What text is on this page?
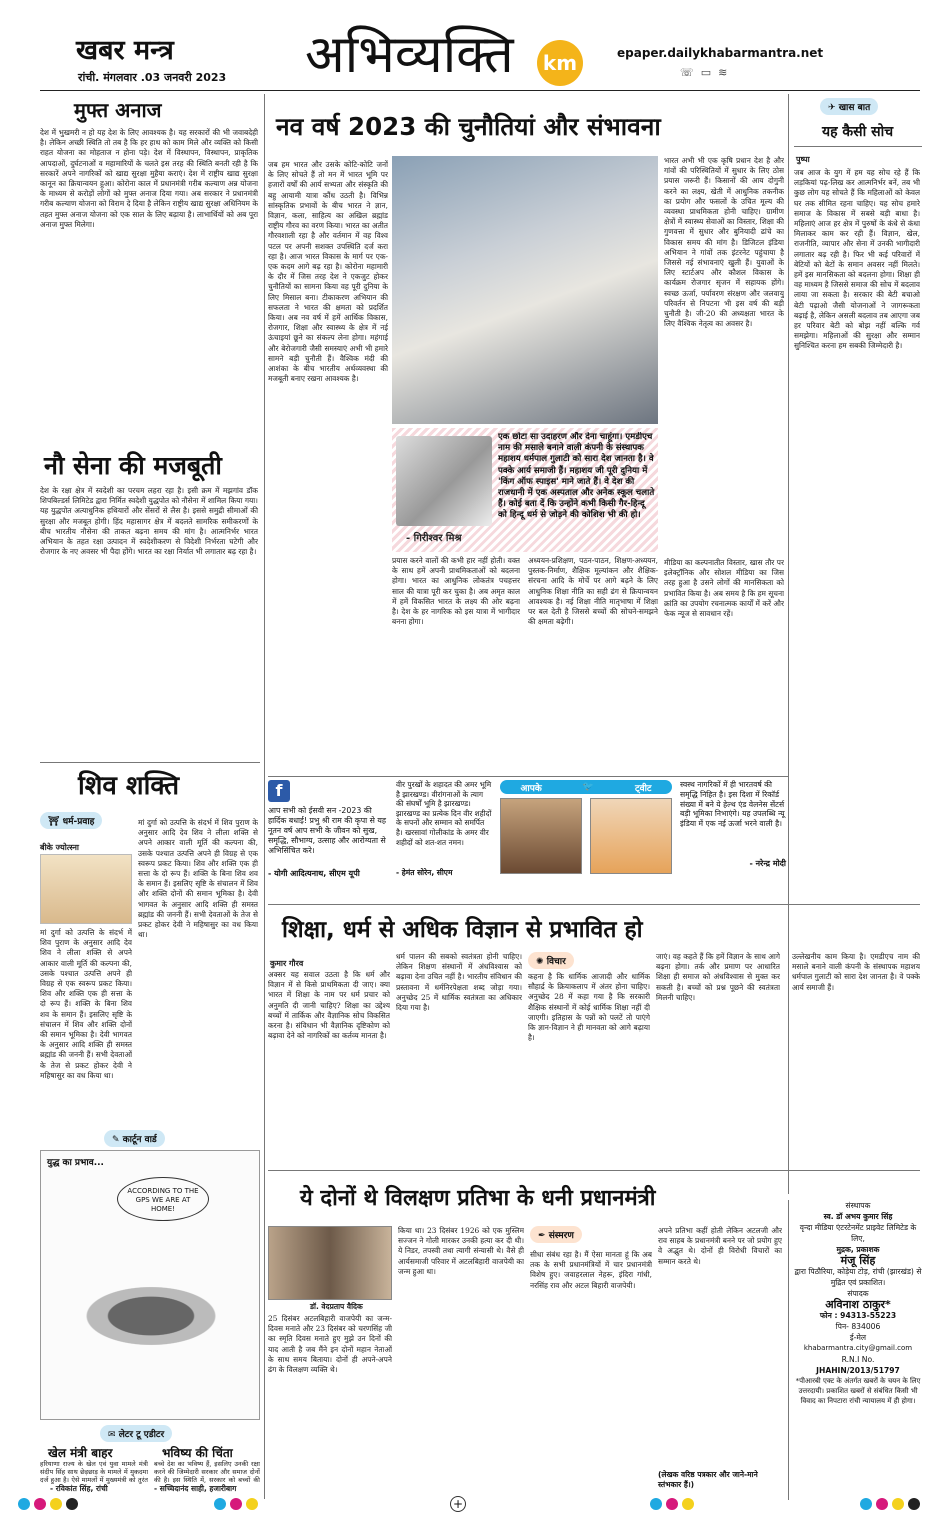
खबर मन्त्र
रांची. मंगलवार .03 जनवरी 2023 अभिव्यक्ति km	epaper.dailykhabarmantra.net
☏ ▭ ≋
मुफ्त अनाज
देश में भुखमरी न हो यह देश के लिए आवश्यक है। यह सरकारों की भी जवाबदेही है। लेकिन अच्छी स्थिति तो तब है कि हर हाथ को काम मिले और व्यक्ति को किसी राहत योजना का मोहताज न होना पड़े। देश में विस्थापन, विस्थापन, प्राकृतिक आपदाओं, दुर्घटनाओं व महामारियों के चलते इस तरह की स्थिति बनती रही है कि सरकारें अपने नागरिकों को खाद्य सुरक्षा मुहैया कराएं। देश में राष्ट्रीय खाद्य सुरक्षा कानून का क्रियान्वयन हुआ। कोरोना काल में प्रधानमंत्री गरीब कल्याण अन्न योजना के माध्यम से करोड़ों लोगों को मुफ्त अनाज दिया गया। अब सरकार ने प्रधानमंत्री गरीब कल्याण योजना को विराम दे दिया है लेकिन राष्ट्रीय खाद्य सुरक्षा अधिनियम के तहत मुफ्त अनाज योजना को एक साल के लिए बढ़ाया है। लाभार्थियों को अब पूरा अनाज मुफ्त मिलेगा।
नौ सेना की मजबूती
देश के रक्षा क्षेत्र में स्वदेशी का परचम लहरा रहा है। इसी क्रम में मझगांव डॉक शिपबिल्डर्स लिमिटेड द्वारा निर्मित स्वदेशी युद्धपोत को नौसेना में शामिल किया गया। यह युद्धपोत अत्याधुनिक हथियारों और सेंसरों से लैस है। इससे समुद्री सीमाओं की सुरक्षा और मजबूत होगी। हिंद महासागर क्षेत्र में बदलते सामरिक समीकरणों के बीच भारतीय नौसेना की ताकत बढ़ना समय की मांग है। आत्मनिर्भर भारत अभियान के तहत रक्षा उत्पादन में स्वदेशीकरण से विदेशी निर्भरता घटेगी और रोजगार के नए अवसर भी पैदा होंगे। भारत का रक्षा निर्यात भी लगातार बढ़ रहा है।
शिव शक्ति
⛩ धर्म-प्रवाह
बीके ज्योत्स्ना
मां दुर्गा को उत्पत्ति के संदर्भ में शिव पुराण के अनुसार आदि देव शिव ने लीला शक्ति से अपने आकार वाली मूर्ति की कल्पना की, उसके पश्चात उत्पत्ति अपने ही विग्रह से एक स्वरूप प्रकट किया। शिव और शक्ति एक ही सत्ता के दो रूप हैं। शक्ति के बिना शिव शव के समान हैं। इसलिए सृष्टि के संचालन में शिव और शक्ति दोनों की समान भूमिका है। देवी भागवत के अनुसार आदि शक्ति ही समस्त ब्रह्मांड की जननी हैं। सभी देवताओं के तेज से प्रकट होकर देवी ने महिषासुर का वध किया था।
मां दुर्गा को उत्पत्ति के संदर्भ में शिव पुराण के अनुसार आदि देव शिव ने लीला शक्ति से अपने आकार वाली मूर्ति की कल्पना की, उसके पश्चात उत्पत्ति अपने ही विग्रह से एक स्वरूप प्रकट किया। शिव और शक्ति एक ही सत्ता के दो रूप हैं। शक्ति के बिना शिव शव के समान हैं। इसलिए सृष्टि के संचालन में शिव और शक्ति दोनों की समान भूमिका है। देवी भागवत के अनुसार आदि शक्ति ही समस्त ब्रह्मांड की जननी हैं। सभी देवताओं के तेज से प्रकट होकर देवी ने महिषासुर का वध किया था।
✎ कार्टून वार्ड
युद्ध का प्रभाव...
ACCORDING TO THE GPS WE ARE AT HOME!
✉ लेटर टू एडीटर
खेल मंत्री बाहर
हरियाणा राज्य के खेल एवं युवा मामले मंत्री संदीप सिंह साथ छेड़छाड़ के मामले में मुकदमा दर्ज हुआ है। ऐसे मामलों में मुख्यमंत्री को तुरंत
- रविकांत सिंह, रांची
भविष्य की चिंता
बच्चे देश का भविष्य हैं, इसलिए उनकी रक्षा करने की जिम्मेदारी सरकार और समाज दोनों की है। इस स्थिति में, सरकार को बच्चों की
- सच्चिदानंद साही, हजारीबाग
नव वर्ष 2023 की चुनौतियां और संभावना
जब हम भारत और उसके कोटि-कोटि जनों के लिए सोचते हैं तो मन में भारत भूमि पर हजारों वर्षों की आर्य सभ्यता और संस्कृति की बहु आयामी यात्रा कौंध उठती है। विभिन्न सांस्कृतिक प्रभावों के बीच भारत ने ज्ञान, विज्ञान, कला, साहित्य का अखिल ब्रह्मांड राष्ट्रीय गौरव का वरण किया। भारत का अतीत गौरवशाली रहा है और वर्तमान में वह विश्व पटल पर अपनी सशक्त उपस्थिति दर्ज करा रहा है। आज भारत विकास के मार्ग पर एक-एक कदम आगे बढ़ रहा है। कोरोना महामारी के दौर में जिस तरह देश ने एकजुट होकर चुनौतियों का सामना किया वह पूरी दुनिया के लिए मिसाल बना। टीकाकरण अभियान की सफलता ने भारत की क्षमता को प्रदर्शित किया। अब नव वर्ष में हमें आर्थिक विकास, रोजगार, शिक्षा और स्वास्थ्य के क्षेत्र में नई ऊंचाइयां छूने का संकल्प लेना होगा। महंगाई और बेरोजगारी जैसी समस्याएं अभी भी हमारे सामने बड़ी चुनौती हैं। वैश्विक मंदी की आशंका के बीच भारतीय अर्थव्यवस्था की मजबूती बनाए रखना आवश्यक है।
- गिरीश्वर मिश्र
एक छोटा सा उदाहरण और देना चाहूंगा। एमडीएच नाम की मसाले बनाने वाली कंपनी के संस्थापक महाशय धर्मपाल गुलाटी को सारा देश जानता है। वे पक्के आर्य समाजी हैं। महाशय जी पूरी दुनिया में 'किंग ऑफ स्पाइस' माने जाते हैं। वे देश की राजधानी में एक अस्पताल और अनेक स्कूल चलाते हैं। कोई बता दें कि उन्होंने कभी किसी गैर-हिन्दू को हिन्दू धर्म से जोड़ने की कोशिश भी की हो।
प्रयास करने वालों की कभी हार नहीं होती। वक्त के साथ हमें अपनी प्राथमिकताओं को बदलना होगा। भारत का आधुनिक लोकतंत्र पचहत्तर साल की यात्रा पूरी कर चुका है। अब अमृत काल में हमें विकसित भारत के लक्ष्य की ओर बढ़ना है। देश के हर नागरिक को इस यात्रा में भागीदार बनना होगा।
अध्ययन-प्रशिक्षण, पठन-पाठन, शिक्षण-अध्ययन, पुस्तक-निर्माण, शैक्षिक मूल्यांकन और शैक्षिक-संरचना आदि के मोर्चे पर आगे बढ़ने के लिए आधुनिक शिक्षा नीति का सही ढंग से क्रियान्वयन आवश्यक है। नई शिक्षा नीति मातृभाषा में शिक्षा पर बल देती है जिससे बच्चों की सोचने-समझने की क्षमता बढ़ेगी।
भारत अभी भी एक कृषि प्रधान देश है और गांवों की परिस्थितियों में सुधार के लिए ठोस प्रयास जरूरी हैं। किसानों की आय दोगुनी करने का लक्ष्य, खेती में आधुनिक तकनीक का प्रयोग और फसलों के उचित मूल्य की व्यवस्था प्राथमिकता होनी चाहिए। ग्रामीण क्षेत्रों में स्वास्थ्य सेवाओं का विस्तार, शिक्षा की गुणवत्ता में सुधार और बुनियादी ढांचे का विकास समय की मांग है। डिजिटल इंडिया अभियान ने गांवों तक इंटरनेट पहुंचाया है जिससे नई संभावनाएं खुली हैं। युवाओं के लिए स्टार्टअप और कौशल विकास के कार्यक्रम रोजगार सृजन में सहायक होंगे। स्वच्छ ऊर्जा, पर्यावरण संरक्षण और जलवायु परिवर्तन से निपटना भी इस वर्ष की बड़ी चुनौती है। जी-20 की अध्यक्षता भारत के लिए वैश्विक नेतृत्व का अवसर है।
मीडिया का कल्पनातीत विस्तार, खास तौर पर इलेक्ट्रॉनिक और सोशल मीडिया का जिस तरह हुआ है उसने लोगों की मानसिकता को प्रभावित किया है। अब समय है कि हम सूचना क्रांति का उपयोग रचनात्मक कार्यों में करें और फेक न्यूज से सावधान रहें।
✈ खास बात
यह कैसी सोच
पुष्पा
जब आज के युग में हम यह सोच रहे हैं कि लड़कियां पढ़-लिख कर आत्मनिर्भर बनें, तब भी कुछ लोग यह सोचते हैं कि महिलाओं को केवल घर तक सीमित रहना चाहिए। यह सोच हमारे समाज के विकास में सबसे बड़ी बाधा है। महिलाएं आज हर क्षेत्र में पुरुषों के कंधे से कंधा मिलाकर काम कर रही हैं। विज्ञान, खेल, राजनीति, व्यापार और सेना में उनकी भागीदारी लगातार बढ़ रही है। फिर भी कई परिवारों में बेटियों को बेटों के समान अवसर नहीं मिलते। हमें इस मानसिकता को बदलना होगा। शिक्षा ही वह माध्यम है जिससे समाज की सोच में बदलाव लाया जा सकता है। सरकार की बेटी बचाओ बेटी पढ़ाओ जैसी योजनाओं ने जागरूकता बढ़ाई है, लेकिन असली बदलाव तब आएगा जब हर परिवार बेटी को बोझ नहीं बल्कि गर्व समझेगा। महिलाओं की सुरक्षा और सम्मान सुनिश्चित करना हम सबकी जिम्मेदारी है।
f
आप सभी को ईसवी सन -2023 की हार्दिक बधाई! प्रभु श्री राम की कृपा से यह नूतन वर्ष आप सभी के जीवन को सुख, समृद्धि, सौभाग्य, उत्साह और आरोग्यता से अभिसिंचित करे।
- योगी आदित्यनाथ, सीएम यूपी
वीर पुरखों के शहादत की अमर भूमि है झारखण्ड। वीरांगनाओं के त्याग की संघर्षों भूमि है झारखण्ड। झारखण्ड का प्रत्येक दिन वीर शहीदों के सपनों और सम्मान को समर्पित है। खरसावां गोलीकांड के अमर वीर शहीदों को शत-शत नमन।
- हेमंत सोरेन, सीएम
आपके	🐦	ट्वीट	स्वस्थ नागरिकों में ही भारतवर्ष की समृद्धि निहित है। इस दिशा में रिकॉर्ड संख्या में बने ये हेल्थ एंड वेलनेस सेंटर्स बड़ी भूमिका निभाएंगे। यह उपलब्धि न्यू इंडिया में एक नई ऊर्जा भरने वाली है।
- नरेन्द्र मोदी
शिक्षा, धर्म से अधिक विज्ञान से प्रभावित हो
कुमार गौरव
अक्सर यह सवाल उठता है कि धर्म और विज्ञान में से किसे प्राथमिकता दी जाए। क्या भारत में शिक्षा के नाम पर धर्म प्रचार को अनुमति दी जानी चाहिए? शिक्षा का उद्देश्य बच्चों में तार्किक और वैज्ञानिक सोच विकसित करना है। संविधान भी वैज्ञानिक दृष्टिकोण को बढ़ावा देने को नागरिकों का कर्तव्य मानता है।
धर्म पालन की सबको स्वतंत्रता होनी चाहिए। लेकिन शिक्षण संस्थानों में अंधविश्वास को बढ़ावा देना उचित नहीं है। भारतीय संविधान की प्रस्तावना में धर्मनिरपेक्षता शब्द जोड़ा गया। अनुच्छेद 25 में धार्मिक स्वतंत्रता का अधिकार दिया गया है।
✺ विचार
कहना है कि धार्मिक आजादी और धार्मिक सौहार्द्र के क्रियाकलाप में अंतर होना चाहिए। अनुच्छेद 28 में कहा गया है कि सरकारी शैक्षिक संस्थानों में कोई धार्मिक शिक्षा नहीं दी जाएगी। इतिहास के पन्नों को पलटें तो पाएंगे कि ज्ञान-विज्ञान ने ही मानवता को आगे बढ़ाया है।
जाएं। वह कहते हैं कि हमें विज्ञान के साथ आगे बढ़ना होगा। तर्क और प्रमाण पर आधारित शिक्षा ही समाज को अंधविश्वास से मुक्त कर सकती है। बच्चों को प्रश्न पूछने की स्वतंत्रता मिलनी चाहिए।
उल्लेखनीय काम किया है। एमडीएच नाम की मसाले बनाने वाली कंपनी के संस्थापक महाशय धर्मपाल गुलाटी को सारा देश जानता है। वे पक्के आर्य समाजी हैं।
ये दोनों थे विलक्षण प्रतिभा के धनी प्रधानमंत्री
डॉ. वेदप्रताप वैदिक
25 दिसंबर अटलबिहारी वाजपेयी का जन्म-दिवस मनाते और 23 दिसंबर को चरणसिंह जी का स्मृति दिवस मनाते हुए मुझे उन दिनों की याद आती है जब मैंने इन दोनों महान नेताओं के साथ समय बिताया। दोनों ही अपने-अपने ढंग के विलक्षण व्यक्ति थे।
किया था। 23 दिसंबर 1926 को एक मुस्लिम सज्जन ने गोली मारकर उनकी हत्या कर दी थी। ये निडर, तपस्वी तथा त्यागी संन्यासी थे। वैसे ही आर्यसमाजी परिवार में अटलबिहारी वाजपेयी का जन्म हुआ था।
✒ संस्मरण
सीधा संबंध रहा है। मैं ऐसा मानता हूं कि अब तक के सभी प्रधानमंत्रियों में चार प्रधानमंत्री विशेष हुए। जवाहरलाल नेहरू, इंदिरा गांधी, नरसिंह राव और अटल बिहारी वाजपेयी।
अपने प्रतिभा कहीं होती लेकिन अटलजी और राव साहब के प्रधानमंत्री बनने पर जो प्रयोग हुए वे अद्भुत थे। दोनों ही विरोधी विचारों का सम्मान करते थे।
(लेखक वरिष्ठ पत्रकार और जाने-माने स्तंभकार हैं।)
संस्थापक
स्व. डॉ अभय कुमार सिंह
वृन्दा मीडिया एंटरटेनमेंट प्राइवेट लिमिटेड के लिए,
मुद्रक, प्रकाशक
मंजू सिंह
द्वारा पिठौरिया, कोड़ेया टोड़, रांची (झारखंड) से मुद्रित एवं प्रकाशित।
संपादक
अविनाश ठाकुर*
फोन : 94313-55223
पिन- 834006
ई-मेल
khabarmantra.city@gmail.com
R.N.I No.
JHAHIN/2013/51797
*पीआरबी एक्ट के अंतर्गत खबरों के चयन के लिए उत्तरदायी। प्रकाशित खबरों से संबंधित किसी भी विवाद का निपटारा रांची न्यायालय में ही होगा।
+
